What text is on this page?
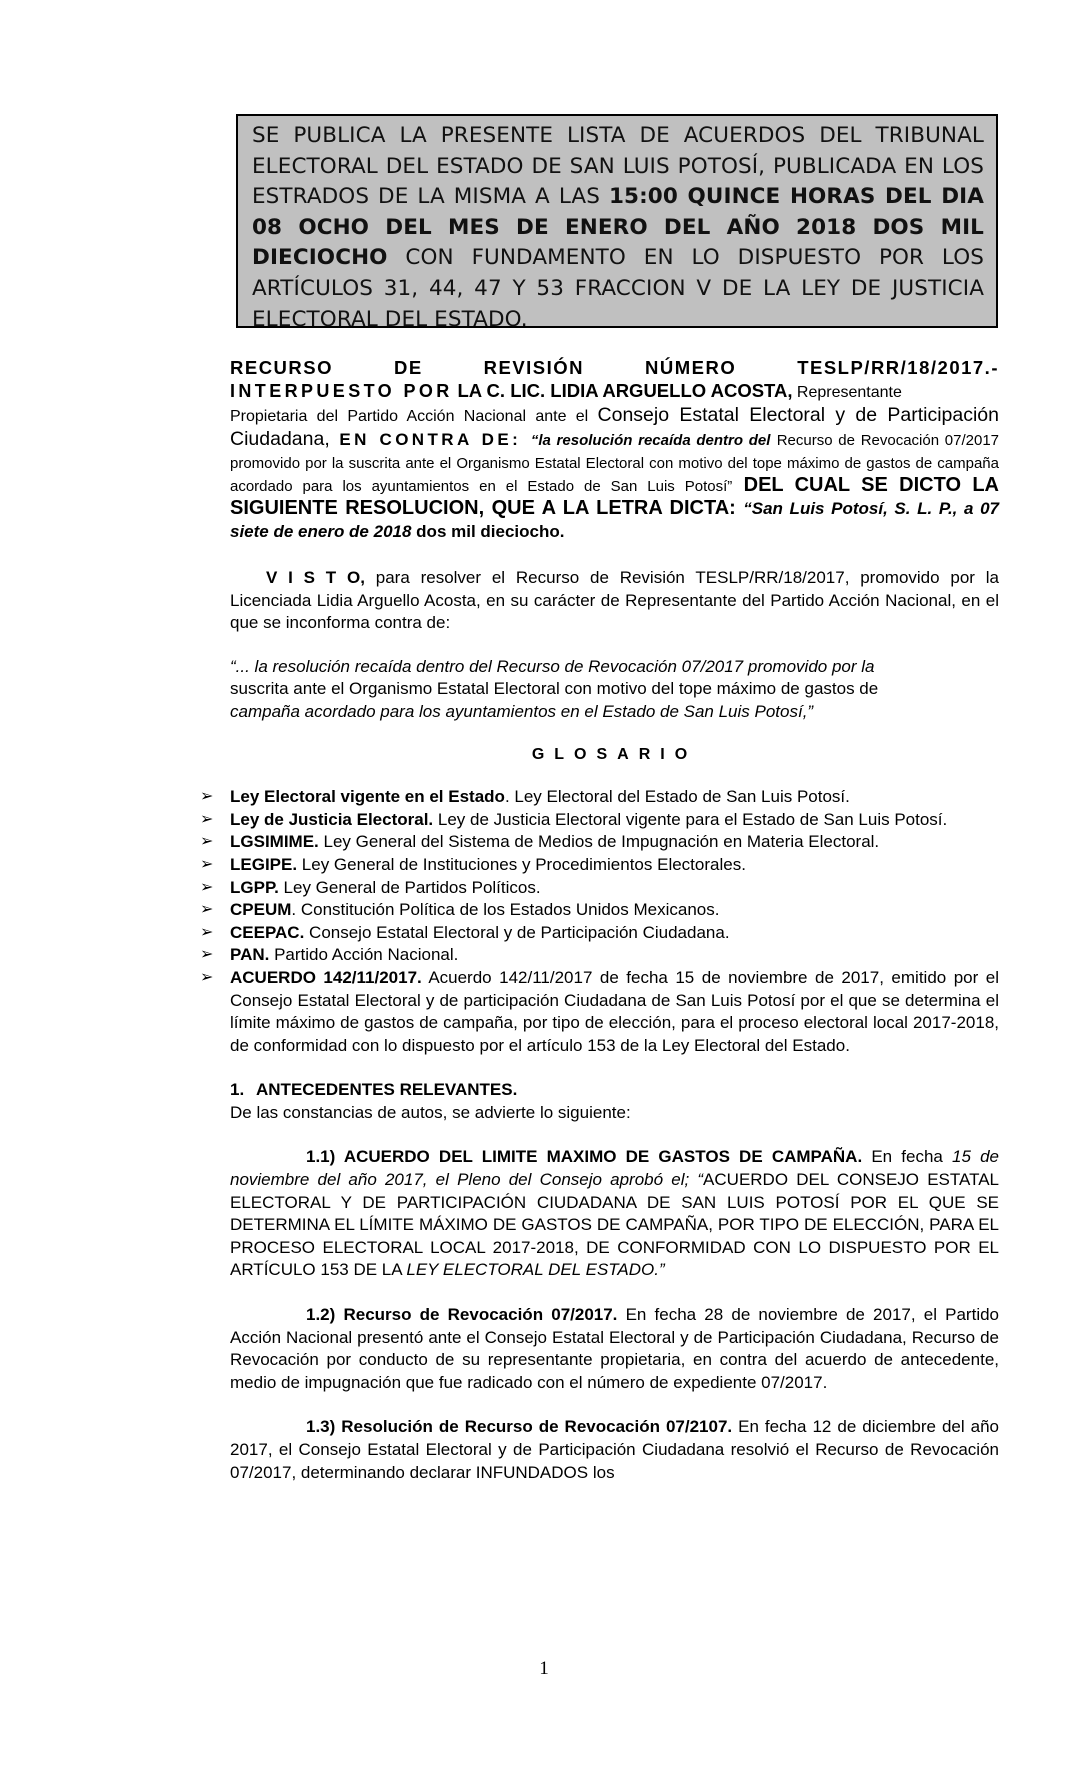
SE PUBLICA LA PRESENTE LISTA DE ACUERDOS DEL TRIBUNAL ELECTORAL DEL ESTADO DE SAN LUIS POTOSÍ, PUBLICADA EN LOS ESTRADOS DE LA MISMA A LAS 15:00 QUINCE HORAS DEL DIA 08 OCHO DEL MES DE ENERO DEL AÑO 2018 DOS MIL DIECIOCHO CON FUNDAMENTO EN LO DISPUESTO POR LOS ARTÍCULOS 31, 44, 47 Y 53 FRACCION V DE LA LEY DE JUSTICIA ELECTORAL DEL ESTADO.
RECURSO	DE	REVISIÓN	NÚMERO	TESLP/RR/18/2017.-

INTERPUESTO POR LA C. LIC. LIDIA ARGUELLO ACOSTA, Representante
Propietaria del Partido Acción Nacional ante el Consejo Estatal Electoral y de Participación Ciudadana, EN CONTRA DE: “la resolución recaída dentro del Recurso de Revocación 07/2017 promovido por la suscrita ante el Organismo Estatal Electoral con motivo del tope máximo de gastos de campaña acordado para los ayuntamientos en el Estado de San Luis Potosí” DEL CUAL SE DICTO LA SIGUIENTE RESOLUCION, QUE A LA LETRA DICTA: “San Luis Potosí, S. L. P., a 07 siete de enero de 2018 dos mil dieciocho.

V I S T O, para resolver el Recurso de Revisión TESLP/RR/18/2017, promovido por la Licenciada Lidia Arguello Acosta, en su carácter de Representante del Partido Acción Nacional, en el que se inconforma contra de:

“... la resolución recaída dentro del Recurso de Revocación 07/2017 promovido por la
suscrita ante el Organismo Estatal Electoral con motivo del tope máximo de gastos de
campaña acordado para los ayuntamientos en el Estado de San Luis Potosí,”

GLOSARIO

➢ Ley Electoral vigente en el Estado. Ley Electoral del Estado de San Luis Potosí.
➢ Ley de Justicia Electoral. Ley de Justicia Electoral vigente para el Estado de San Luis Potosí.
➢ LGSIMIME. Ley General del Sistema de Medios de Impugnación en Materia Electoral.
➢ LEGIPE. Ley General de Instituciones y Procedimientos Electorales.
➢ LGPP. Ley General de Partidos Políticos.
➢ CPEUM. Constitución Política de los Estados Unidos Mexicanos.
➢ CEEPAC. Consejo Estatal Electoral y de Participación Ciudadana.
➢ PAN. Partido Acción Nacional.
➢ ACUERDO 142/11/2017. Acuerdo 142/11/2017 de fecha 15 de noviembre de 2017, emitido por el Consejo Estatal Electoral y de participación Ciudadana de San Luis Potosí por el que se determina el límite máximo de gastos de campaña, por tipo de elección, para el proceso electoral local 2017-2018, de conformidad con lo dispuesto por el artículo 153 de la Ley Electoral del Estado.

1. ANTECEDENTES RELEVANTES.

De las constancias de autos, se advierte lo siguiente:

1.1) ACUERDO DEL LIMITE MAXIMO DE GASTOS DE CAMPAÑA. En fecha 15 de noviembre del año 2017, el Pleno del Consejo aprobó el; “ACUERDO DEL CONSEJO ESTATAL ELECTORAL Y DE PARTICIPACIÓN CIUDADANA DE SAN LUIS POTOSÍ POR EL QUE SE DETERMINA EL LÍMITE MÁXIMO DE GASTOS DE CAMPAÑA, POR TIPO DE ELECCIÓN, PARA EL PROCESO ELECTORAL LOCAL 2017-2018, DE CONFORMIDAD CON LO DISPUESTO POR EL ARTÍCULO 153 DE LA LEY ELECTORAL DEL ESTADO.”

1.2) Recurso de Revocación 07/2017. En fecha 28 de noviembre de 2017, el Partido Acción Nacional presentó ante el Consejo Estatal Electoral y de Participación Ciudadana, Recurso de Revocación por conducto de su representante propietaria, en contra del acuerdo de antecedente, medio de impugnación que fue radicado con el número de expediente 07/2017.

1.3) Resolución de Recurso de Revocación 07/2107. En fecha 12 de diciembre del año 2017, el Consejo Estatal Electoral y de Participación Ciudadana resolvió el Recurso de Revocación 07/2017, determinando declarar INFUNDADOS los

1
